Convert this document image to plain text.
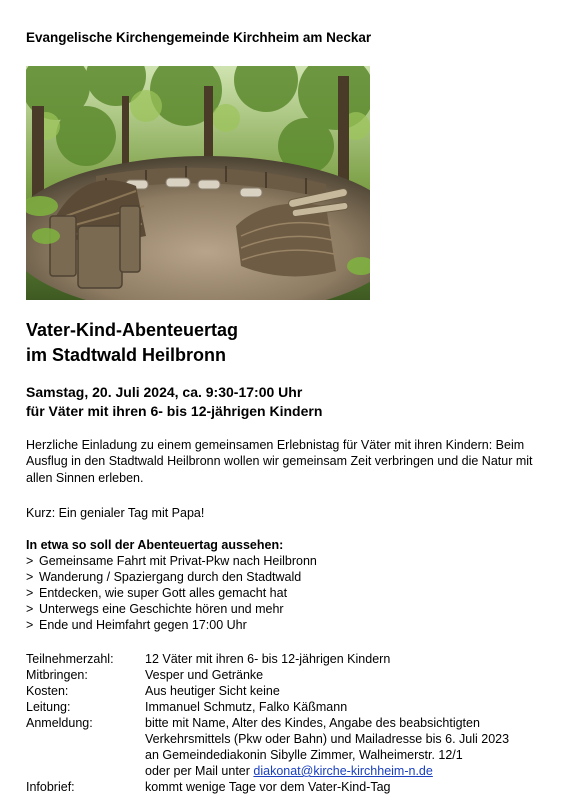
Evangelische Kirchengemeinde Kirchheim am Neckar
Vater-Kind-Abenteuertag
im Stadtwald Heilbronn
Samstag, 20. Juli 2024, ca. 9:30-17:00 Uhr
für Väter mit ihren 6- bis 12-jährigen Kindern
Herzliche Einladung zu einem gemeinsamen Erlebnistag für Väter mit ihren Kindern: Beim
Ausflug in den Stadtwald Heilbronn wollen wir gemeinsam Zeit verbringen und die Natur mit
allen Sinnen erleben.
Kurz: Ein genialer Tag mit Papa!
In etwa so soll der Abenteuertag aussehen:
> Gemeinsame Fahrt mit Privat-Pkw nach Heilbronn
> Wanderung / Spaziergang durch den Stadtwald
> Entdecken, wie super Gott alles gemacht hat
> Unterwegs eine Geschichte hören und mehr
> Ende und Heimfahrt gegen 17:00 Uhr
Teilnehmerzahl:	12 Väter mit ihren 6- bis 12-jährigen Kindern
Mitbringen:	Vesper und Getränke
Kosten:	Aus heutiger Sicht keine
Leitung:	Immanuel Schmutz, Falko Käßmann
Anmeldung:	bitte mit Name, Alter des Kindes, Angabe des beabsichtigten
Verkehrsmittels (Pkw oder Bahn) und Mailadresse bis 6. Juli 2023
an Gemeindediakonin Sibylle Zimmer, Walheimerstr. 12/1
oder per Mail unter diakonat@kirche-kirchheim-n.de
Infobrief:	kommt wenige Tage vor dem Vater-Kind-Tag
